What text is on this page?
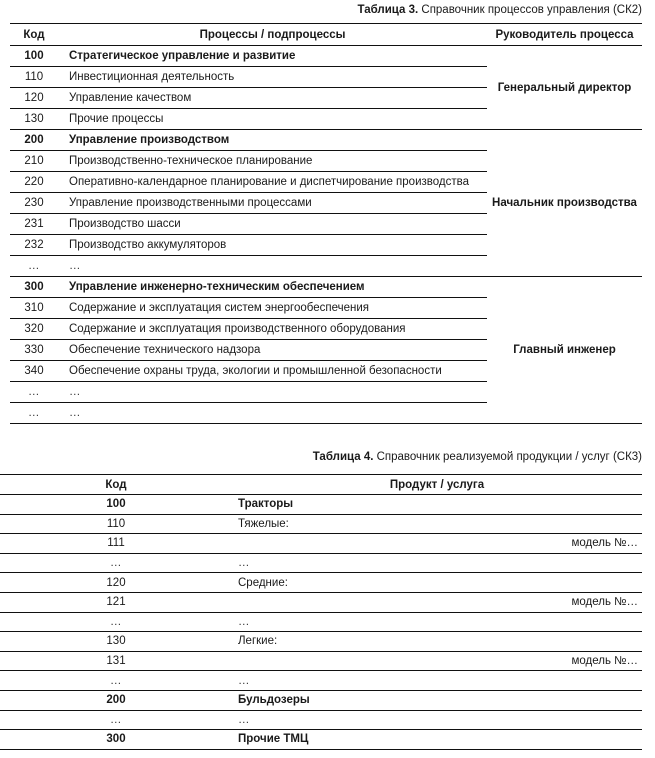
Таблица 3. Справочник процессов управления (СК2)
Код	Процессы / подпроцессы	Руководитель процесса
100	Стратегическое управление и развитие	Генеральный директор
110	Инвестиционная деятельность	
120	Управление качеством	
130	Прочие процессы	
200	Управление производством	Начальник производства
210	Производственно-техническое планирование	
220	Оперативно-календарное планирование и диспетчирование производства	
230	Управление производственными процессами	
231	Производство шасси	
232	Производство аккумуляторов	
…	…	
300	Управление инженерно-техническим обеспечением	Главный инженер
310	Содержание и эксплуатация систем энергообеспечения	
320	Содержание и эксплуатация производственного оборудования	
330	Обеспечение технического надзора	
340	Обеспечение охраны труда, экологии и промышленной безопасности	
…	…	
…	…	
Таблица 4. Справочник реализуемой продукции / услуг (СК3)
Код	Продукт / услуга	
100	Тракторы	
110	Тяжелые:	
111		модель №…
…	…	
120	Средние:	
121		модель №…
…	…	
130	Легкие:	
131		модель №…
…	…	
200	Бульдозеры	
…	…	
300	Прочие ТМЦ	
